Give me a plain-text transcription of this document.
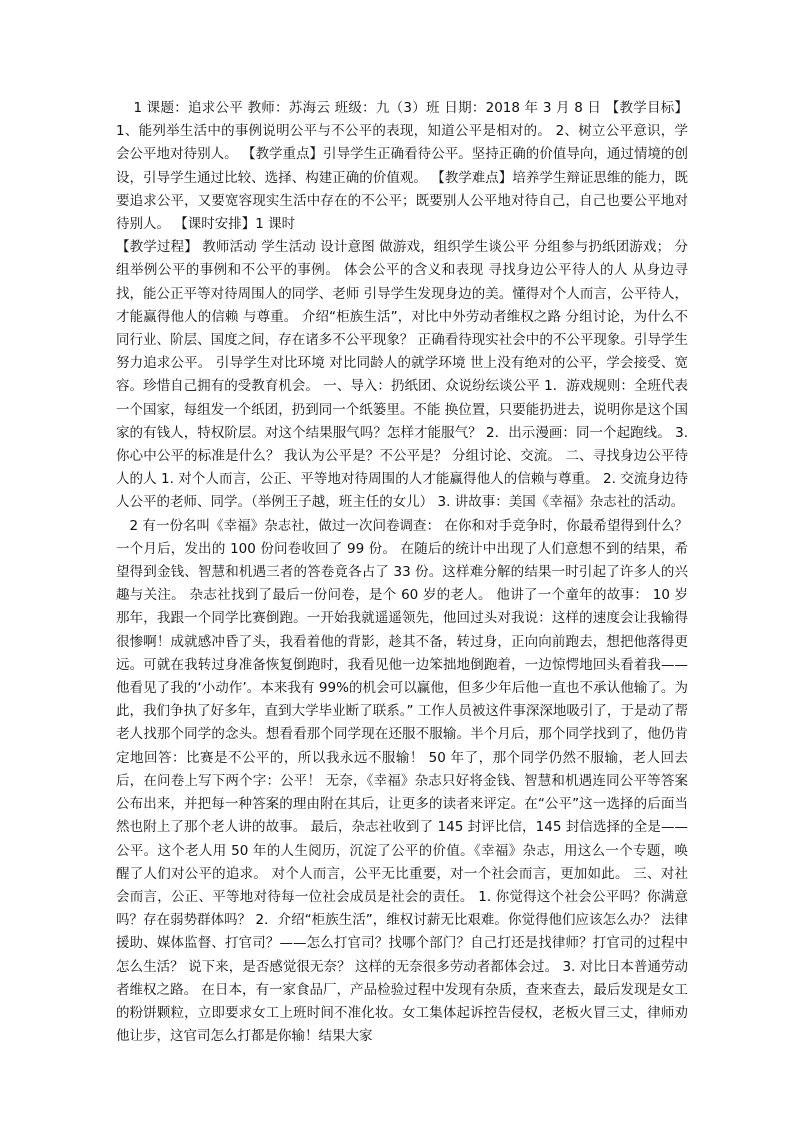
1 课题：追求公平 教师：苏海云 班级：九（3）班 日期：2018 年 3 月 8 日 【教学目标】 1、能列举生活中的事例说明公平与不公平的表现，知道公平是相对的。 2、树立公平意识，学会公平地对待别人。 【教学重点】引导学生正确看待公平。坚持正确的价值导向，通过情境的创设，引导学生通过比较、选择、构建正确的价值观。 【教学难点】培养学生辩证思维的能力，既要追求公平，又要宽容现实生活中存在的不公平；既要别人公平地对待自己，自己也要公平地对待别人。 【课时安排】1 课时

【教学过程】 教师活动 学生活动 设计意图 做游戏，组织学生谈公平 分组参与扔纸团游戏； 分组举例公平的事例和不公平的事例。 体会公平的含义和表现 寻找身边公平待人的人 从身边寻找，能公正平等对待周围人的同学、老师 引导学生发现身边的美。懂得对个人而言，公平待人，才能赢得他人的信赖 与尊重。 介绍“柜族生活”，对比中外劳动者维权之路 分组讨论，为什么不同行业、阶层、国度之间，存在诸多不公平现象？ 正确看待现实社会中的不公平现象。引导学生努力追求公平。 引导学生对比环境 对比同龄人的就学环境 世上没有绝对的公平，学会接受、宽容。珍惜自己拥有的受教育机会。 一、导入：扔纸团、众说纷纭谈公平 1．游戏规则：全班代表一个国家，每组发一个纸团，扔到同一个纸篓里。不能 换位置，只要能扔进去，说明你是这个国家的有钱人，特权阶层。对这个结果服气吗？怎样才能服气？ 2．出示漫画：同一个起跑线。 3. 你心中公平的标准是什么？ 我认为公平是？不公平是？ 分组讨论、交流。 二、寻找身边公平待人的人 1. 对个人而言，公正、平等地对待周围的人才能赢得他人的信赖与尊重。 2. 交流身边待人公平的老师、同学。（举例王子越，班主任的女儿） 3. 讲故事：美国《幸福》杂志社的活动。

2 有一份名叫《幸福》杂志社，做过一次问卷调查： 在你和对手竞争时，你最希望得到什么？ 一个月后，发出的 100 份问卷收回了 99 份。 在随后的统计中出现了人们意想不到的结果，希望得到金钱、智慧和机遇三者的答卷竟各占了 33 份。这样难分解的结果一时引起了许多人的兴趣与关注。 杂志社找到了最后一份问卷，是个 60 岁的老人。 他讲了一个童年的故事： 10 岁那年，我跟一个同学比赛倒跑。一开始我就遥遥领先，他回过头对我说：这样的速度会让我输得很惨啊！成就感冲昏了头，我看着他的背影，趁其不备，转过身，正向向前跑去，想把他落得更远。可就在我转过身准备恢复倒跑时，我看见他一边笨拙地倒跑着，一边惊愕地回头看着我——他看见了我的‘小动作’。本来我有 99%的机会可以赢他，但多少年后他一直也不承认他输了。为此，我们争执了好多年，直到大学毕业断了联系。” 工作人员被这件事深深地吸引了，于是动了帮老人找那个同学的念头。想看看那个同学现在还服不服输。半个月后，那个同学找到了，他仍肯定地回答：比赛是不公平的，所以我永远不服输！ 50 年了，那个同学仍然不服输，老人回去后，在问卷上写下两个字：公平！ 无奈，《幸福》杂志只好将金钱、智慧和机遇连同公平等答案公布出来，并把每一种答案的理由附在其后，让更多的读者来评定。在“公平”这一选择的后面当然也附上了那个老人讲的故事。 最后，杂志社收到了 145 封评比信，145 封信选择的全是——公平。这个老人用 50 年的人生阅历，沉淀了公平的价值。《幸福》杂志，用这么一个专题，唤醒了人们对公平的追求。 对个人而言，公平无比重要，对一个社会而言，更加如此。 三、对社会而言，公正、平等地对待每一位社会成员是社会的责任。 1. 你觉得这个社会公平吗？你满意吗？存在弱势群体吗？ 2．介绍“柜族生活”，维权讨薪无比艰难。你觉得他们应该怎么办？ 法律援助、媒体监督、打官司？——怎么打官司？找哪个部门？自己打还是找律师？打官司的过程中怎么生活？ 说下来，是否感觉很无奈？ 这样的无奈很多劳动者都体会过。 3. 对比日本普通劳动者维权之路。 在日本，有一家食品厂，产品检验过程中发现有杂质，查来查去，最后发现是女工的粉饼颗粒，立即要求女工上班时间不准化妆。女工集体起诉控告侵权，老板火冒三丈，律师劝他让步，这官司怎么打都是你输！结果大家
